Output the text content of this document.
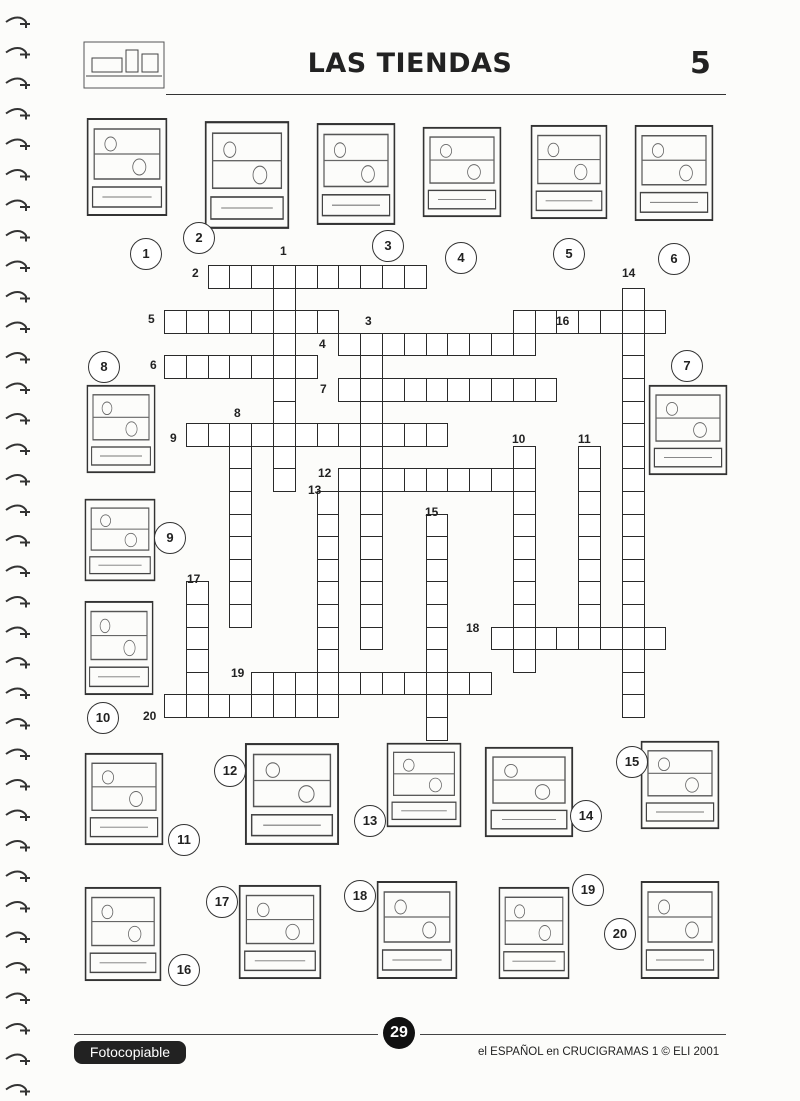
LAS TIENDAS	5
1
2
3
4	5	6
7
8
9
10
11
12
13	14
15
16
17	18	19
20
1
2
3
4
5
6
7
8
9	10	11
12
13
14
15
16
17
18
19
20
29
Fotocopiable	el ESPAÑOL en CRUCIGRAMAS 1 © ELI 2001
